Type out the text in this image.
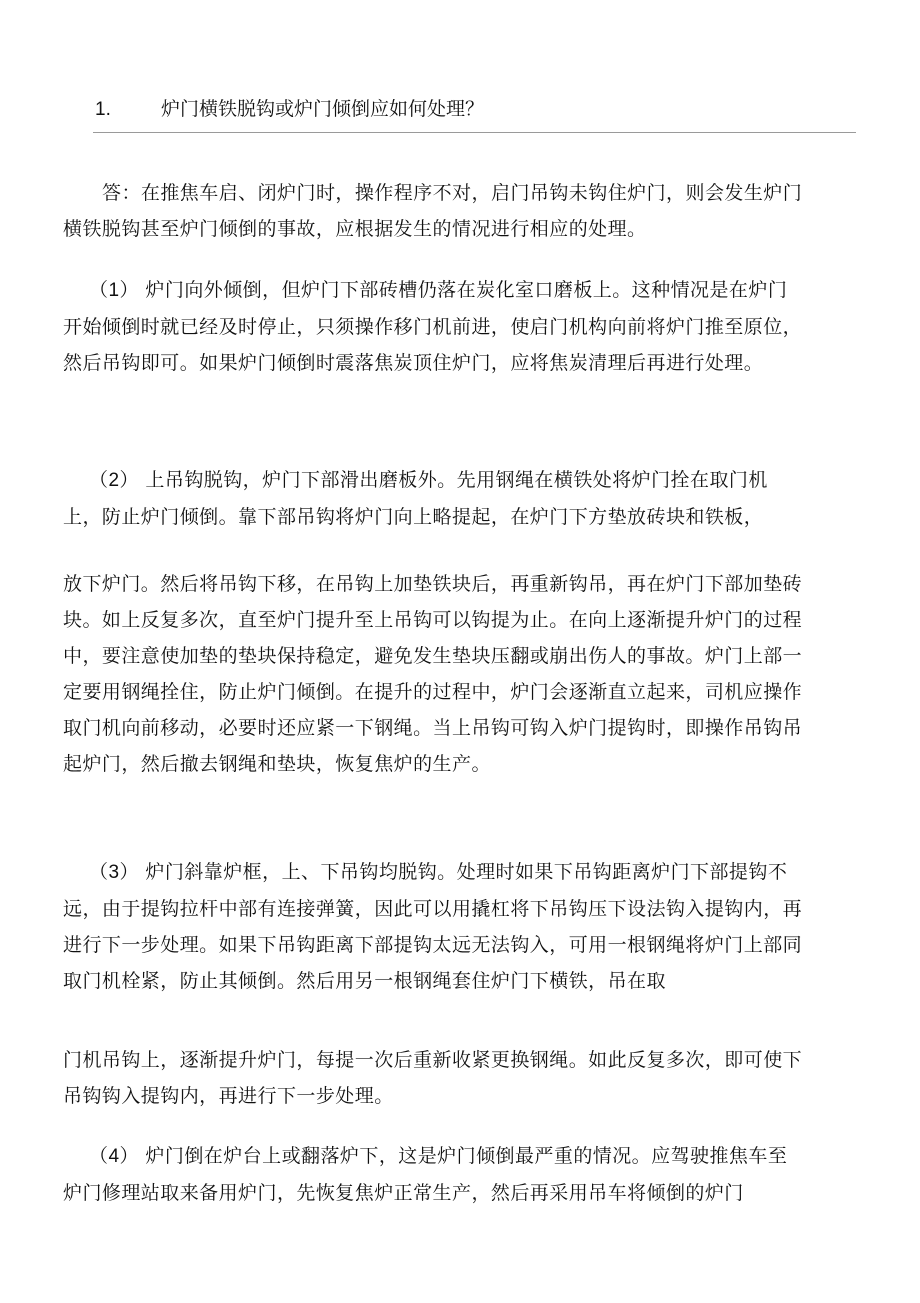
1.	炉门横铁脱钩或炉门倾倒应如何处理？
答：在推焦车启、闭炉门时，操作程序不对，启门吊钩未钩住炉门，则会发生炉门横铁脱钩甚至炉门倾倒的事故，应根据发生的情况进行相应的处理。
（1） 炉门向外倾倒，但炉门下部砖槽仍落在炭化室口磨板上。这种情况是在炉门开始倾倒时就已经及时停止，只须操作移门机前进，使启门机构向前将炉门推至原位，然后吊钩即可。如果炉门倾倒时震落焦炭顶住炉门，应将焦炭清理后再进行处理。
（2） 上吊钩脱钩，炉门下部滑出磨板外。先用钢绳在横铁处将炉门拴在取门机上，防止炉门倾倒。靠下部吊钩将炉门向上略提起，在炉门下方垫放砖块和铁板，
放下炉门。然后将吊钩下移，在吊钩上加垫铁块后，再重新钩吊，再在炉门下部加垫砖块。如上反复多次，直至炉门提升至上吊钩可以钩提为止。在向上逐渐提升炉门的过程中，要注意使加垫的垫块保持稳定，避免发生垫块压翻或崩出伤人的事故。炉门上部一定要用钢绳拴住，防止炉门倾倒。在提升的过程中，炉门会逐渐直立起来，司机应操作取门机向前移动，必要时还应紧一下钢绳。当上吊钩可钩入炉门提钩时，即操作吊钩吊起炉门，然后撤去钢绳和垫块，恢复焦炉的生产。
（3） 炉门斜靠炉框，上、下吊钩均脱钩。处理时如果下吊钩距离炉门下部提钩不远，由于提钩拉杆中部有连接弹簧，因此可以用撬杠将下吊钩压下设法钩入提钩内，再进行下一步处理。如果下吊钩距离下部提钩太远无法钩入，可用一根钢绳将炉门上部同取门机栓紧，防止其倾倒。然后用另一根钢绳套住炉门下横铁，吊在取
门机吊钩上，逐渐提升炉门，每提一次后重新收紧更换钢绳。如此反复多次，即可使下吊钩钩入提钩内，再进行下一步处理。
（4） 炉门倒在炉台上或翻落炉下，这是炉门倾倒最严重的情况。应驾驶推焦车至炉门修理站取来备用炉门，先恢复焦炉正常生产，然后再采用吊车将倾倒的炉门
